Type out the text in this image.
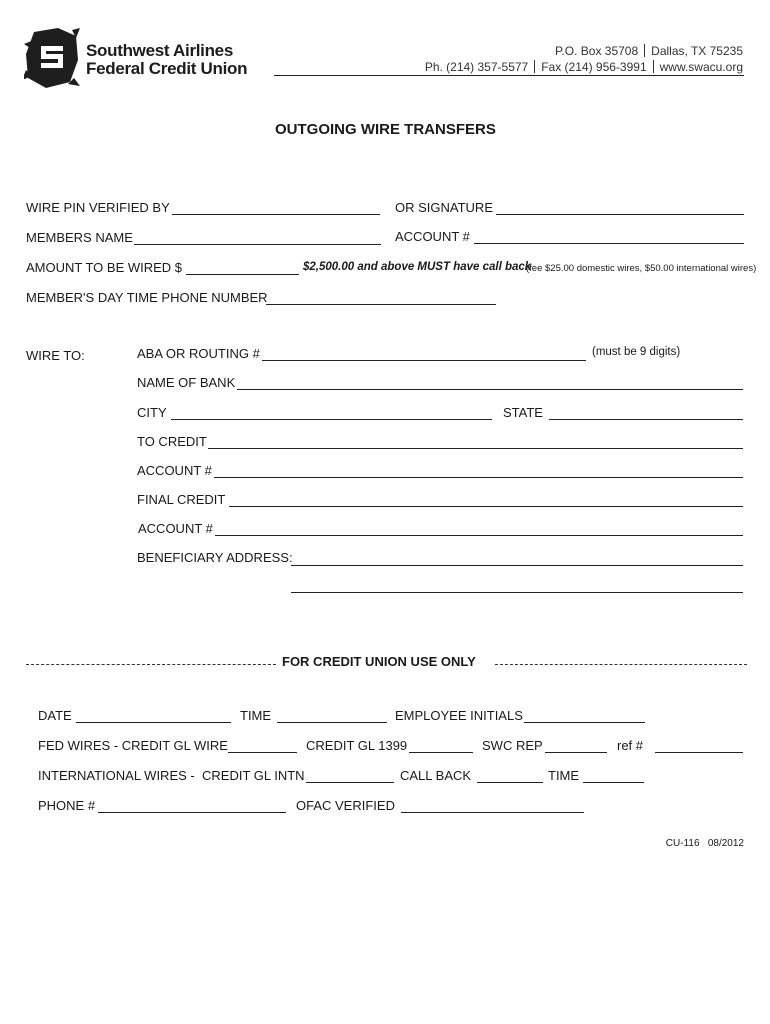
Southwest Airlines
Federal Credit Union
P.O. Box 35708 Dallas, TX 75235
Ph. (214) 357-5577 Fax (214) 956-3991 www.swacu.org
OUTGOING WIRE TRANSFERS
WIRE PIN VERIFIED BY	OR SIGNATURE
MEMBERS NAME	ACCOUNT #
AMOUNT TO BE WIRED $	$2,500.00 and above MUST have call back
(fee $25.00 domestic wires, $50.00 international wires)
MEMBER'S DAY TIME PHONE NUMBER
WIRE TO:	ABA OR ROUTING #	(must be 9 digits)
NAME OF BANK
CITY	STATE
TO CREDIT
ACCOUNT #
FINAL CREDIT
ACCOUNT #
BENEFICIARY ADDRESS:
FOR CREDIT UNION USE ONLY
DATE	TIME	EMPLOYEE INITIALS
FED WIRES - CREDIT GL WIRE	CREDIT GL 1399	SWC REP	ref #
INTERNATIONAL WIRES - CREDIT GL INTN	CALL BACK	TIME
PHONE #	OFAC VERIFIED
CU-116   08/2012
